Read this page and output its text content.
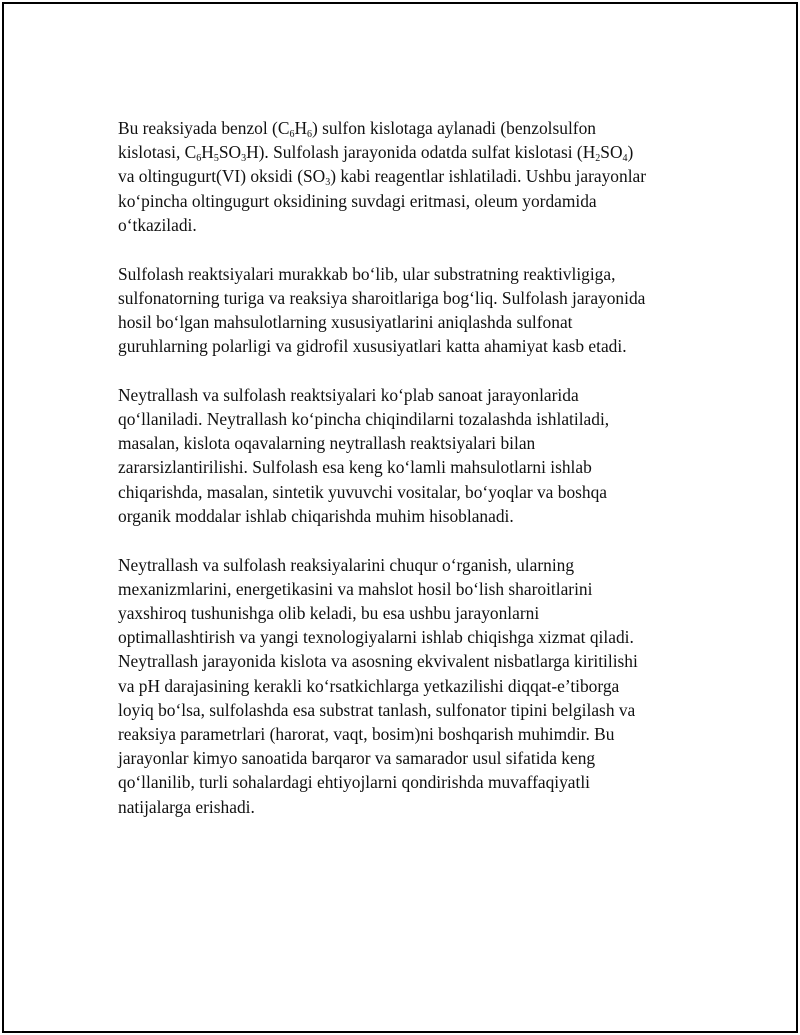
Bu reaksiyada benzol $(C_6H_6)$ sulfon kislotaga aylanadi (benzolsulfon
kislotasi, $C_6H_5SO_3H$). Sulfolash jarayonida odatda sulfat kislotasi $(H_2SO_4)$
va oltingugurt(VI) oksidi $(SO_3)$ kabi reagentlar ishlatiladi. Ushbu jarayonlar
koʻpincha oltingugurt oksidining suvdagi eritmasi, oleum yordamida
oʻtkaziladi.

Sulfolash reaktsiyalari murakkab boʻlib, ular substratning reaktivligiga,
sulfonatorning turiga va reaksiya sharoitlariga bogʻliq. Sulfolash jarayonida
hosil boʻlgan mahsulotlarning xususiyatlarini aniqlashda sulfonat
guruhlarning polarligi va gidrofil xususiyatlari katta ahamiyat kasb etadi.

Neytrallash va sulfolash reaktsiyalari koʻplab sanoat jarayonlarida
qoʻllaniladi. Neytrallash koʻpincha chiqindilarni tozalashda ishlatiladi,
masalan, kislota oqavalarning neytrallash reaktsiyalari bilan
zararsizlantirilishi. Sulfolash esa keng koʻlamli mahsulotlarni ishlab
chiqarishda, masalan, sintetik yuvuvchi vositalar, boʻyoqlar va boshqa
organik moddalar ishlab chiqarishda muhim hisoblanadi.

Neytrallash va sulfolash reaksiyalarini chuqur oʻrganish, ularning
mexanizmlarini, energetikasini va mahslot hosil boʻlish sharoitlarini
yaxshiroq tushunishga olib keladi, bu esa ushbu jarayonlarni
optimallashtirish va yangi texnologiyalarni ishlab chiqishga xizmat qiladi.
Neytrallash jarayonida kislota va asosning ekvivalent nisbatlarga kiritilishi
va pH darajasining kerakli koʻrsatkichlarga yetkazilishi diqqat-e’tiborga
loyiq boʻlsa, sulfolashda esa substrat tanlash, sulfonator tipini belgilash va
reaksiya parametrlari (harorat, vaqt, bosim)ni boshqarish muhimdir. Bu
jarayonlar kimyo sanoatida barqaror va samarador usul sifatida keng
qoʻllanilib, turli sohalardagi ehtiyojlarni qondirishda muvaffaqiyatli
natijalarga erishadi.
